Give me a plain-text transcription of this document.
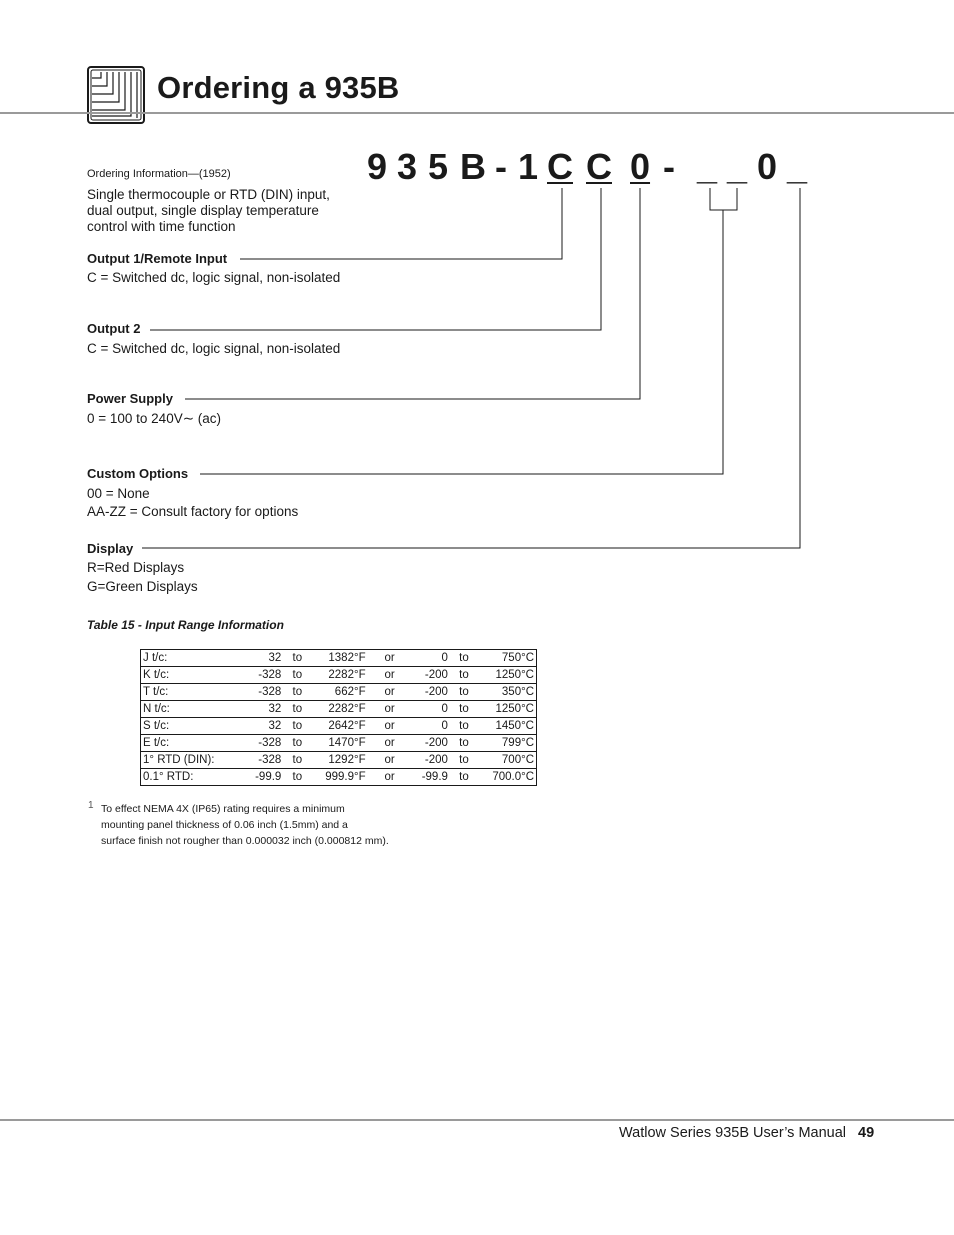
Ordering a 935B
Ordering Information—(1952)
Single thermocouple or RTD (DIN) input, dual output, single display temperature control with time function
9 3 5 B - 1 C C 0 - _ _ 0 _
Output 1/Remote Input
C = Switched dc, logic signal, non-isolated
Output 2
C = Switched dc, logic signal, non-isolated
Power Supply
0 = 100 to 240V∼ (ac)
Custom Options
00 = None
AA-ZZ = Consult factory for options
Display
R=Red Displays
G=Green Displays
Table 15 - Input Range Information
J t/c:	32	to	1382°F	or	0	to	750°C
K t/c:	-328	to	2282°F	or	-200	to	1250°C
T t/c:	-328	to	662°F	or	-200	to	350°C
N t/c:	32	to	2282°F	or	0	to	1250°C
S t/c:	32	to	2642°F	or	0	to	1450°C
E t/c:	-328	to	1470°F	or	-200	to	799°C
1° RTD (DIN):	-328	to	1292°F	or	-200	to	700°C
0.1° RTD:	-99.9	to	999.9°F	or	-99.9	to	700.0°C
1 To effect NEMA 4X (IP65) rating requires a minimum
mounting panel thickness of 0.06 inch (1.5mm) and a
surface finish not rougher than 0.000032 inch (0.000812 mm).
Watlow Series 935B User’s Manual 49
